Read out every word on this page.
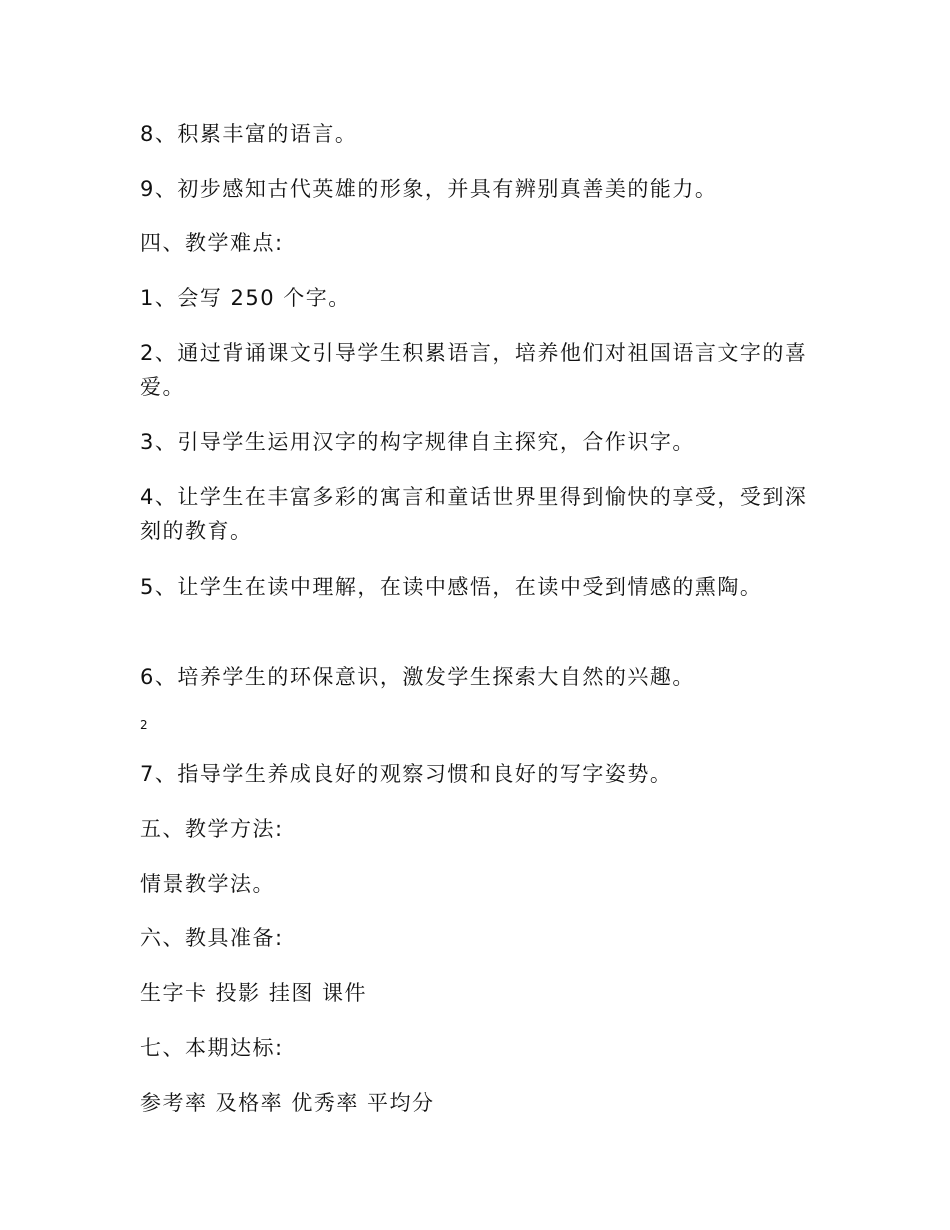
8、积累丰富的语言。
9、初步感知古代英雄的形象，并具有辨别真善美的能力。
四、教学难点:
1、会写 250 个字。
2、通过背诵课文引导学生积累语言，培养他们对祖国语言文字的喜爱。
3、引导学生运用汉字的构字规律自主探究，合作识字。
4、让学生在丰富多彩的寓言和童话世界里得到愉快的享受，受到深刻的教育。
5、让学生在读中理解，在读中感悟，在读中受到情感的熏陶。
6、培养学生的环保意识，激发学生探索大自然的兴趣。
2
7、指导学生养成良好的观察习惯和良好的写字姿势。
五、教学方法:
情景教学法。
六、教具准备:
生字卡 投影 挂图 课件
七、本期达标:
参考率 及格率 优秀率 平均分
